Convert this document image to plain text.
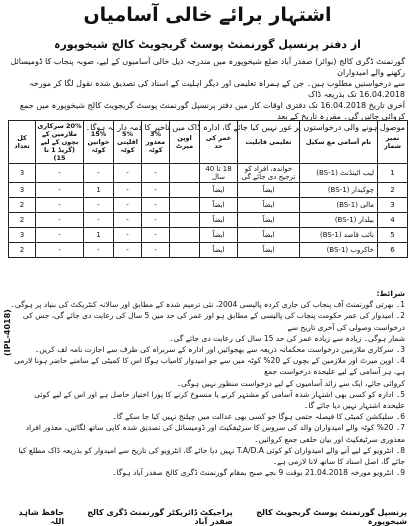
اشتہار برائے خالی آسامیاں
از دفتر پرنسپل گورنمنٹ پوسٹ گریجویٹ کالج شیخوپورہ

گورنمنٹ ڈگری کالج (بوائز) صفدر آباد ضلع شیخوپورہ میں مندرجہ ذیل خالی آسامیوں کے لیے، صوبہ پنجاب کا ڈومیسائل رکھنے والے امیدواران

سے درخواستیں مطلوب ہیں۔ جن کے ہمراہ تعلیمی اور دیگر اہلیت کے اسناد کی تصدیق شدہ نقول لگا کر مورخہ 16.04.2018 تک بذریعہ ڈاک

آخری تاریخ 16.04.2018 تک دفتری اوقات کار میں دفتر پرنسپل گورنمنٹ پوسٹ گریجویٹ کالج شیخوپورہ میں جمع کروائی جائیں گی۔ مقررہ تاریخ کے بعد

موصول ہونے والی درخواستوں پر غور نہیں کیا جائے گا، ادارہ ڈاک میں تاخیر کا ذمہ دار نہ ہوگا۔

نمبر شمار	نام آسامی مع سکیل	تعلیمی قابلیت	عمر کی حد	اوپن میرٹ	3% معذور کوٹہ	5% اقلیتی کوٹہ	15% خواتین کوٹہ	20% سرکاری ملازمین کے بچوں کے لیے (گریڈ 1 تا 15)	کل تعداد
1	لیب اٹینڈنٹ (BS-1)	خواندہ، افراد کو ترجیح دی جائے گی	18 تا 40 سال		-	-	-	-	3
2	چوکیدار (BS-1)	ایضاً	ایضاً		-	-	1	-	3
3	مالی (BS-1)	ایضاً	ایضاً		-	-	-	-	2
4	بیلدار (BS-1)	ایضاً	ایضاً		-	-	-	-	2
5	نائب قاصد (BS-1)	ایضاً	ایضاً		-	-	1	-	3
6	خاکروب (BS-1)	ایضاً	ایضاً		-	-	-	-	2

شرائط:

1۔ بھرتی گورنمنٹ آف پنجاب کی جاری کردہ پالیسی 2004، نئی ترمیم شدہ کے مطابق اور سالانہ کنٹریکٹ کی بنیاد پر ہوگی۔

2۔ امیدوار کی عمر حکومت پنجاب کی پالیسی کے مطابق ہو اور عمر کی حد میں 5 سال کی رعایت دی جائے گی، جس کی درخواست وصولی کی آخری تاریخ سے

شمار ہوگی۔ زیادہ سے زیادہ عمر کی حد 15 سال کی رعایت دی جائے گی۔

3۔ سرکاری ملازمین درخواست محکمانہ ذریعہ سے بھجوائیں اور ادارہ کے سربراہ کی طرف سے اجازت نامہ لف کریں۔

4۔ اوپن میرٹ اور ملازمین کے بچوں کے 20% کوٹہ میں سے جو امیدوار کامیاب ہوگا اس کا کمیٹی کے سامنے حاضر ہونا لازمی ہے، ہر آسامی کے لیے علیحدہ درخواست جمع

کروائی جائے، ایک سے زائد آسامیوں کے لیے درخواست منظور نہیں ہوگی۔

5۔ ادارہ کو کسی بھی اشتہار شدہ آسامی کو مشتہر کرنے یا منسوخ کرنے کا پورا اختیار حاصل ہے اور اس کے لیے کوئی علیحدہ اشتہار نہیں دیا جائے گا۔

6۔ سلیکشن کمیٹی کا فیصلہ حتمی ہوگا جو کسی بھی عدالت میں چیلنج نہیں کیا جا سکے گا۔

7۔ 20% کوٹہ والے امیدواران والد کی سروس کا سرٹیفکیٹ اور ڈومیسائل کی تصدیق شدہ کاپی ساتھ لگائیں، معذور افراد معذوری سرٹیفکیٹ اور بیان حلفی جمع کروائیں۔

8۔ انٹرویو کے لیے آنے والے امیدواران کو کوئی T.A/D.A نہیں دیا جائے گا، انٹرویو کی تاریخ سے امیدوار کو بذریعہ ڈاک مطلع کیا جائے گا، اصل اسناد کا ساتھ لانا لازمی ہے۔

9۔ انٹرویو مورخہ 21.04.2018 بوقت 9 بجے صبح بمقام گورنمنٹ ڈگری کالج صفدر آباد ہوگا۔

(IPL-4018)
پرنسپل گورنمنٹ پوسٹ گریجویٹ کالج شیخوپورہ
پراجیکٹ ڈائریکٹر گورنمنٹ ڈگری کالج صفدر آباد
حافظ شاہد اللہ
